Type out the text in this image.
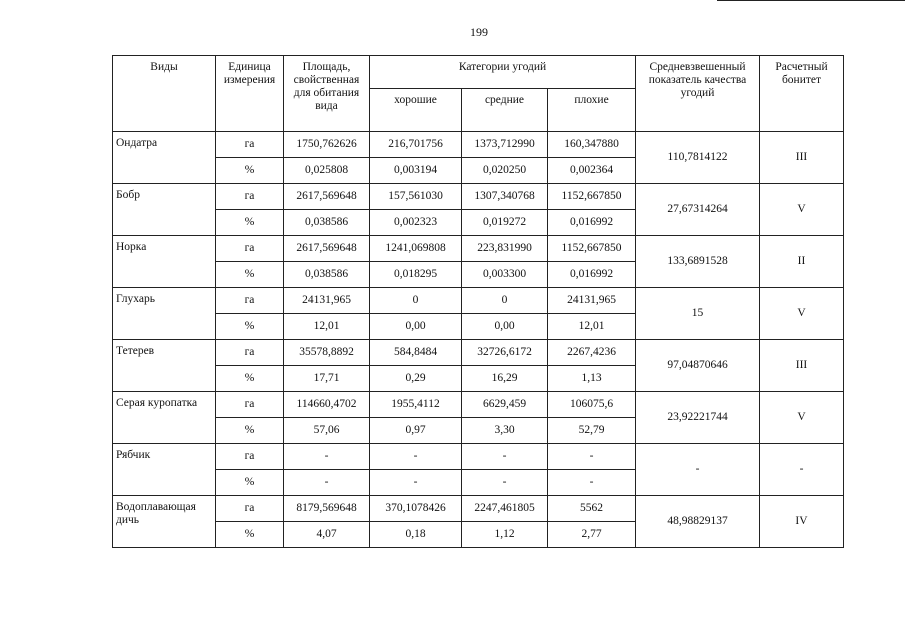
199
Виды	Единица измерения	Площадь, свойственная для обитания вида	Категории угодий			Средневзвешенный показатель качества угодий	Расчетный бонитет
			хорошие	средние	плохие		
Ондатра	га	1750,762626	216,701756	1373,712990	160,347880	110,7814122	III
	%	0,025808	0,003194	0,020250	0,002364		
Бобр	га	2617,569648	157,561030	1307,340768	1152,667850	27,67314264	V
	%	0,038586	0,002323	0,019272	0,016992		
Норка	га	2617,569648	1241,069808	223,831990	1152,667850	133,6891528	II
	%	0,038586	0,018295	0,003300	0,016992		
Глухарь	га	24131,965	0	0	24131,965	15	V
	%	12,01	0,00	0,00	12,01		
Тетерев	га	35578,8892	584,8484	32726,6172	2267,4236	97,04870646	III
	%	17,71	0,29	16,29	1,13		
Серая куропатка	га	114660,4702	1955,4112	6629,459	106075,6	23,92221744	V
	%	57,06	0,97	3,30	52,79		
Рябчик	га	-	-	-	-	-	-
	%	-	-	-	-		
Водоплавающая дичь	га	8179,569648	370,1078426	2247,461805	5562	48,98829137	IV
	%	4,07	0,18	1,12	2,77		
